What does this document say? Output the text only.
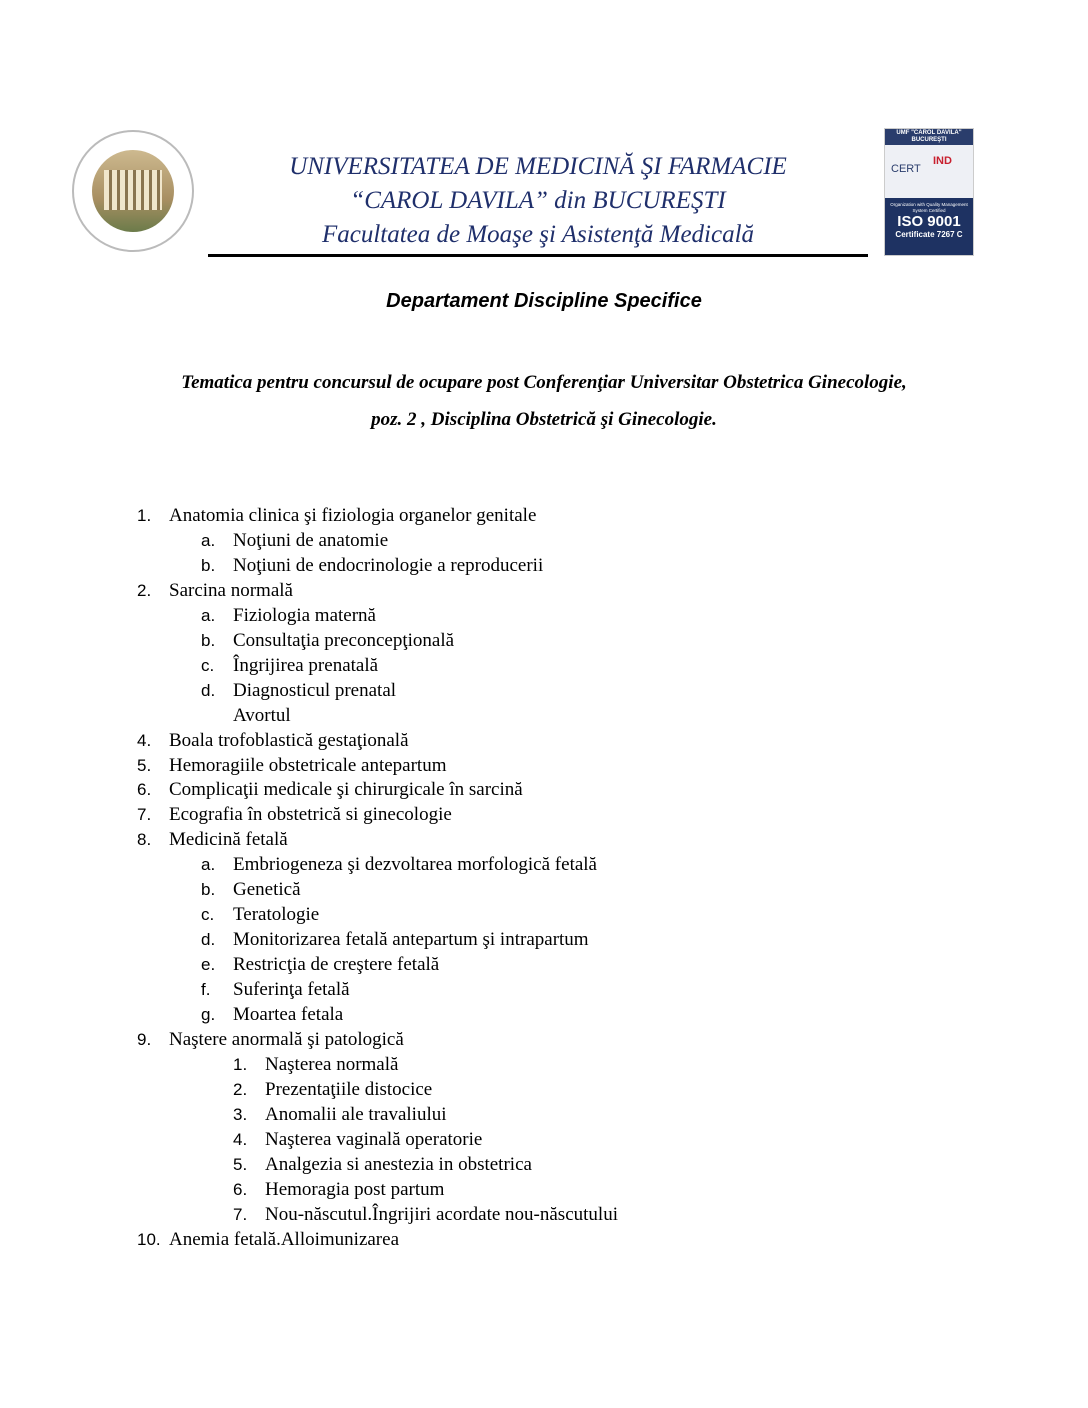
UMF "CAROL DAVILA" BUCUREŞTI
CERT
IND
Organization with Quality Management System Certified
ISO 9001
Certificate 7267 C
UNIVERSITATEA DE MEDICINĂ ŞI FARMACIE
“CAROL DAVILA” din BUCUREŞTI
Facultatea de Moaşe şi Asistenţă Medicală
Departament Discipline Specifice
Tematica pentru concursul de ocupare post Conferenţiar Universitar Obstetrica Ginecologie,
poz. 2 , Disciplina Obstetrică şi Ginecologie.
1. Anatomia clinica şi fiziologia organelor genitale
a. Noţiuni de anatomie
b. Noţiuni de endocrinologie a reproducerii
2. Sarcina normală
a. Fiziologia maternă
b. Consultaţia preconcepţională
c. Îngrijirea prenatală
d. Diagnosticul prenatal
Avortul
4. Boala trofoblastică gestaţională
5. Hemoragiile obstetricale antepartum
6. Complicaţii medicale şi chirurgicale în sarcină
7. Ecografia în obstetrică si ginecologie
8. Medicină fetală
a. Embriogeneza şi dezvoltarea morfologică fetală
b. Genetică
c. Teratologie
d. Monitorizarea fetală antepartum şi intrapartum
e. Restricţia de creştere fetală
f. Suferinţa fetală
g. Moartea fetala
9. Naştere anormală şi patologică
1. Naşterea normală
2. Prezentaţiile distocice
3. Anomalii ale travaliului
4. Naşterea vaginală operatorie
5. Analgezia si anestezia in obstetrica
6. Hemoragia post partum
7. Nou-născutul.Îngrijiri acordate nou-născutului
10. Anemia fetală.Alloimunizarea
